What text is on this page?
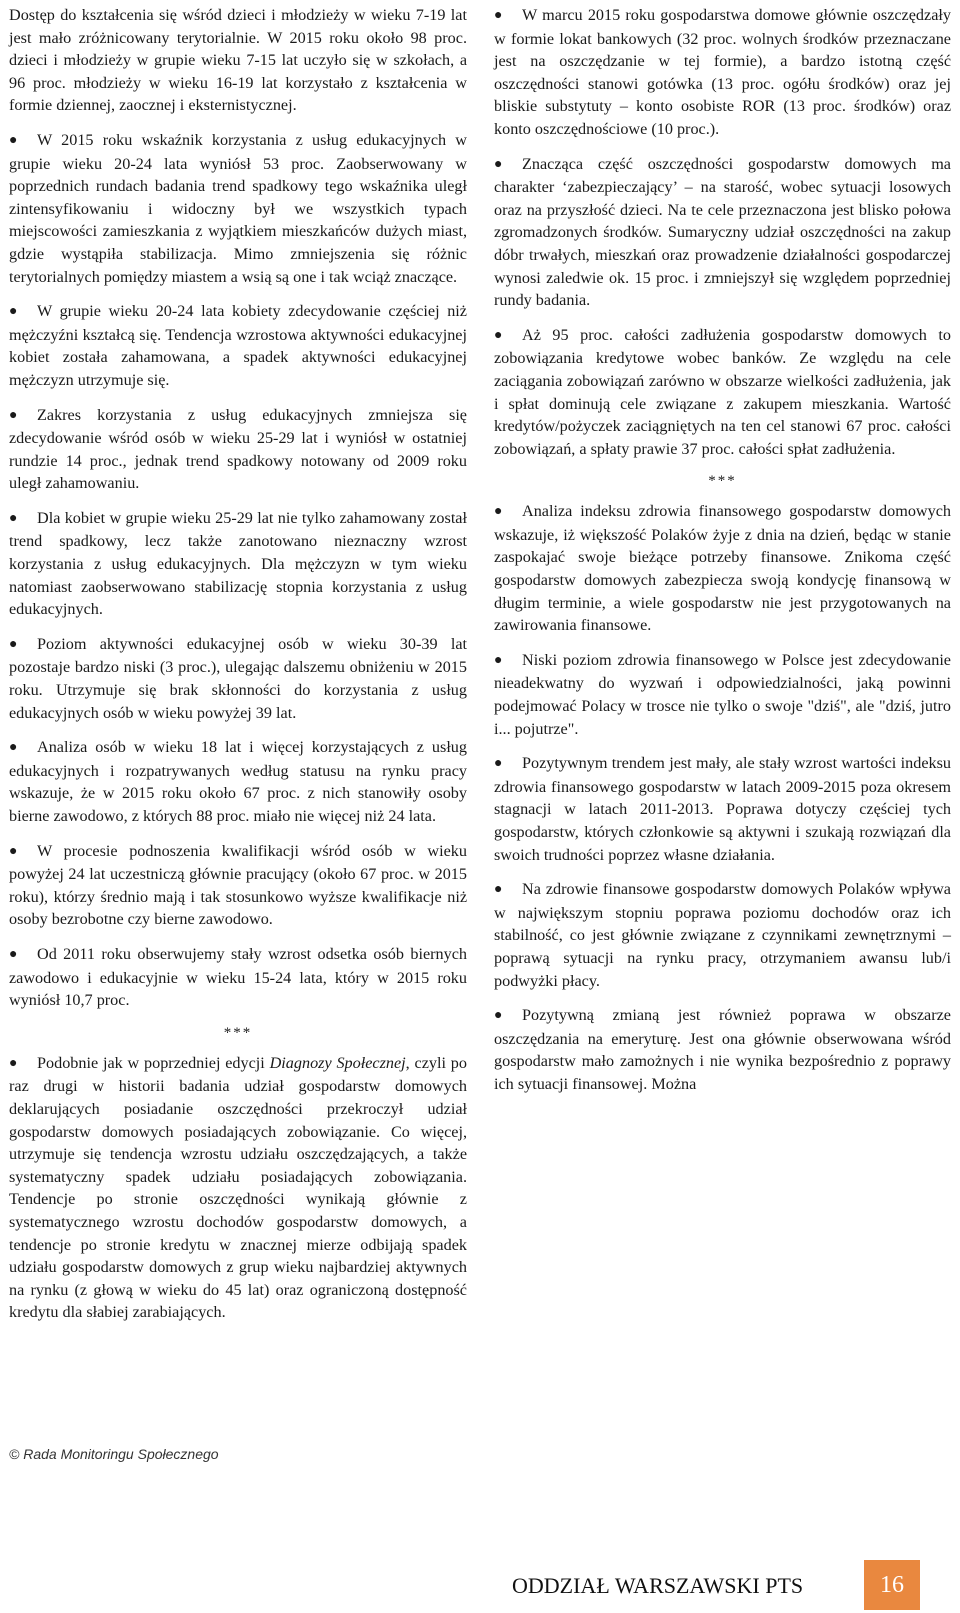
Dostęp do kształcenia się wśród dzieci i młodzieży w wieku 7-19 lat jest mało zróżnicowany terytorialnie. W 2015 roku około 98 proc. dzieci i młodzieży w grupie wieku 7-15 lat uczyło się w szkołach, a 96 proc. młodzieży w wieku 16-19 lat korzystało z kształcenia w formie dziennej, zaocznej i eksternistycznej.

● W 2015 roku wskaźnik korzystania z usług edukacyjnych w grupie wieku 20-24 lata wyniósł 53 proc. Zaobserwowany w poprzednich rundach badania trend spadkowy tego wskaźnika uległ zintensyfikowaniu i widoczny był we wszystkich typach miejscowości zamieszkania z wyjątkiem mieszkańców dużych miast, gdzie wystąpiła stabilizacja. Mimo zmniejszenia się różnic terytorialnych pomiędzy miastem a wsią są one i tak wciąż znaczące.

● W grupie wieku 20-24 lata kobiety zdecydowanie częściej niż mężczyźni kształcą się. Tendencja wzrostowa aktywności edukacyjnej kobiet została zahamowana, a spadek aktywności edukacyjnej mężczyzn utrzymuje się.

● Zakres korzystania z usług edukacyjnych zmniejsza się zdecydowanie wśród osób w wieku 25-29 lat i wyniósł w ostatniej rundzie 14 proc., jednak trend spadkowy notowany od 2009 roku uległ zahamowaniu.

● Dla kobiet w grupie wieku 25-29 lat nie tylko zahamowany został trend spadkowy, lecz także zanotowano nieznaczny wzrost korzystania z usług edukacyjnych. Dla mężczyzn w tym wieku natomiast zaobserwowano stabilizację stopnia korzystania z usług edukacyjnych.

● Poziom aktywności edukacyjnej osób w wieku 30-39 lat pozostaje bardzo niski (3 proc.), ulegając dalszemu obniżeniu w 2015 roku. Utrzymuje się brak skłonności do korzystania z usług edukacyjnych osób w wieku powyżej 39 lat.

● Analiza osób w wieku 18 lat i więcej korzystających z usług edukacyjnych i rozpatrywanych według statusu na rynku pracy wskazuje, że w 2015 roku około 67 proc. z nich stanowiły osoby bierne zawodowo, z których 88 proc. miało nie więcej niż 24 lata.

● W procesie podnoszenia kwalifikacji wśród osób w wieku powyżej 24 lat uczestniczą głównie pracujący (około 67 proc. w 2015 roku), którzy średnio mają i tak stosunkowo wyższe kwalifikacje niż osoby bezrobotne czy bierne zawodowo.

● Od 2011 roku obserwujemy stały wzrost odsetka osób biernych zawodowo i edukacyjnie w wieku 15-24 lata, który w 2015 roku wyniósł 10,7 proc.

***

● Podobnie jak w poprzedniej edycji Diagnozy Społecznej, czyli po raz drugi w historii badania udział gospodarstw domowych deklarujących posiadanie oszczędności przekroczył udział gospodarstw domowych posiadających zobowiązanie. Co więcej, utrzymuje się tendencja wzrostu udziału oszczędzających, a także systematyczny spadek udziału posiadających zobowiązania. Tendencje po stronie oszczędności wynikają głównie z systematycznego wzrostu dochodów gospodarstw domowych, a tendencje po stronie kredytu w znacznej mierze odbijają spadek udziału gospodarstw domowych z grup wieku najbardziej aktywnych na rynku (z głową w wieku do 45 lat) oraz ograniczoną dostępność kredytu dla słabiej zarabiających.

● W marcu 2015 roku gospodarstwa domowe głównie oszczędzały w formie lokat bankowych (32 proc. wolnych środków przeznaczane jest na oszczędzanie w tej formie), a bardzo istotną część oszczędności stanowi gotówka (13 proc. ogółu środków) oraz jej bliskie substytuty – konto osobiste ROR (13 proc. środków) oraz konto oszczędnościowe (10 proc.).

● Znacząca część oszczędności gospodarstw domowych ma charakter ‘zabezpieczający’ – na starość, wobec sytuacji losowych oraz na przyszłość dzieci. Na te cele przeznaczona jest blisko połowa zgromadzonych środków. Sumaryczny udział oszczędności na zakup dóbr trwałych, mieszkań oraz prowadzenie działalności gospodarczej wynosi zaledwie ok. 15 proc. i zmniejszył się względem poprzedniej rundy badania.

● Aż 95 proc. całości zadłużenia gospodarstw domowych to zobowiązania kredytowe wobec banków. Ze względu na cele zaciągania zobowiązań zarówno w obszarze wielkości zadłużenia, jak i spłat dominują cele związane z zakupem mieszkania. Wartość kredytów/pożyczek zaciągniętych na ten cel stanowi 67 proc. całości zobowiązań, a spłaty prawie 37 proc. całości spłat zadłużenia.

***

● Analiza indeksu zdrowia finansowego gospodarstw domowych wskazuje, iż większość Polaków żyje z dnia na dzień, będąc w stanie zaspokajać swoje bieżące potrzeby finansowe. Znikoma część gospodarstw domowych zabezpiecza swoją kondycję finansową w długim terminie, a wiele gospodarstw nie jest przygotowanych na zawirowania finansowe.

● Niski poziom zdrowia finansowego w Polsce jest zdecydowanie nieadekwatny do wyzwań i odpowiedzialności, jaką powinni podejmować Polacy w trosce nie tylko o swoje "dziś", ale "dziś, jutro i... pojutrze".

● Pozytywnym trendem jest mały, ale stały wzrost wartości indeksu zdrowia finansowego gospodarstw w latach 2009-2015 poza okresem stagnacji w latach 2011-2013. Poprawa dotyczy częściej tych gospodarstw, których członkowie są aktywni i szukają rozwiązań dla swoich trudności poprzez własne działania.

● Na zdrowie finansowe gospodarstw domowych Polaków wpływa w największym stopniu poprawa poziomu dochodów oraz ich stabilność, co jest głównie związane z czynnikami zewnętrznymi – poprawą sytuacji na rynku pracy, otrzymaniem awansu lub/i podwyżki płacy.

● Pozytywną zmianą jest również poprawa w obszarze oszczędzania na emeryturę. Jest ona głównie obserwowana wśród gospodarstw mało zamożnych i nie wynika bezpośrednio z poprawy ich sytuacji finansowej. Można

© Rada Monitoringu Społecznego
ODDZIAŁ WARSZAWSKI PTS	16
